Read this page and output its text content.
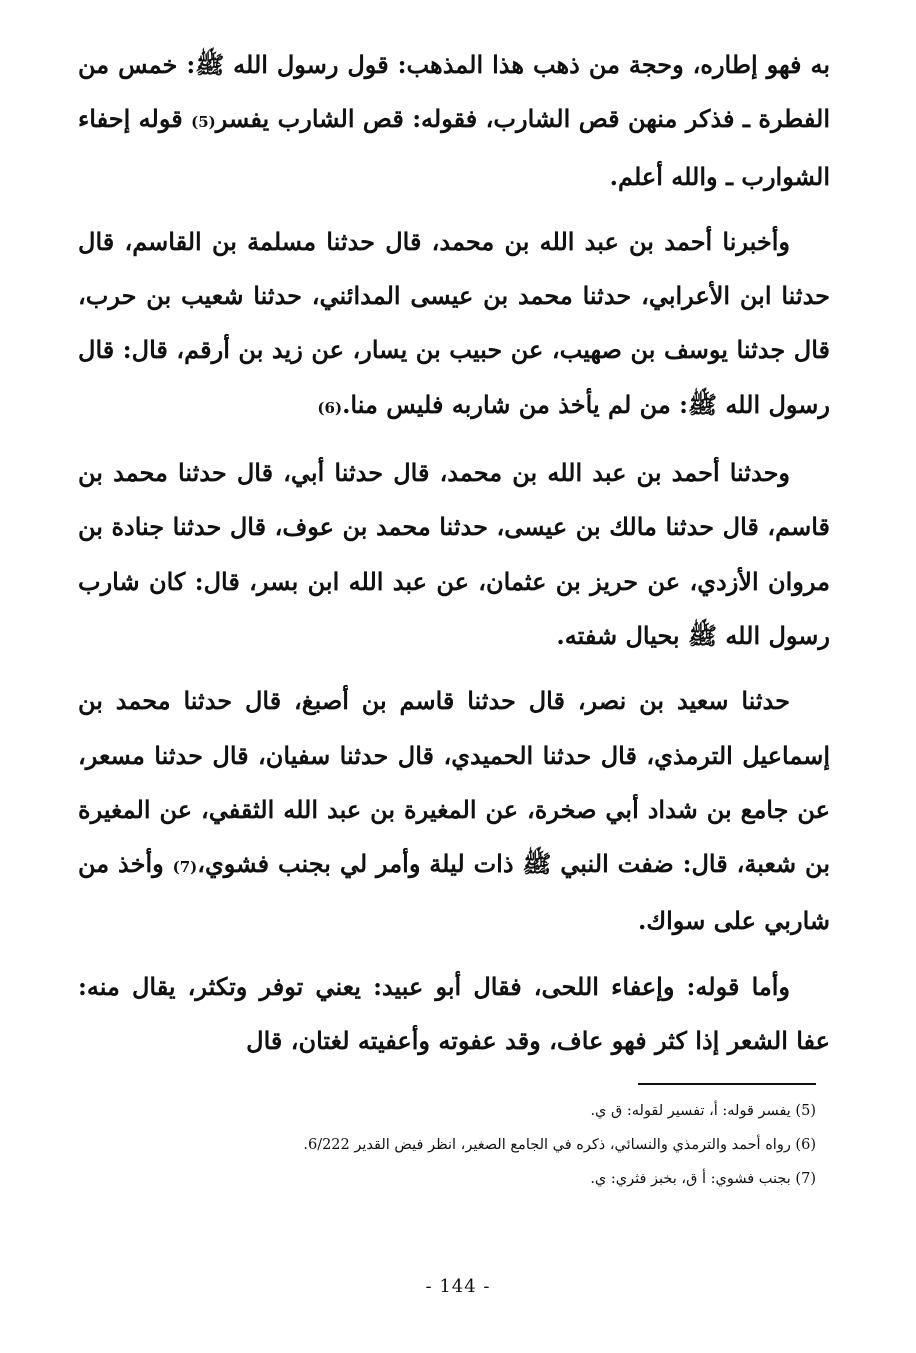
به فهو إطاره، وحجة من ذهب هذا المذهب: قول رسول الله ﷺ: خمس من الفطرة ـ فذكر منهن قص الشارب، فقوله: قص الشارب يفسر(5) قوله إحفاء الشوارب ـ والله أعلم.

وأخبرنا أحمد بن عبد الله بن محمد، قال حدثنا مسلمة بن القاسم، قال حدثنا ابن الأعرابي، حدثنا محمد بن عيسى المدائني، حدثنا شعيب بن حرب، قال جدثنا يوسف بن صهيب، عن حبيب بن يسار، عن زيد بن أرقم، قال: قال رسول الله ﷺ: من لم يأخذ من شاربه فليس منا.(6)

وحدثنا أحمد بن عبد الله بن محمد، قال حدثنا أبي، قال حدثنا محمد بن قاسم، قال حدثنا مالك بن عيسى، حدثنا محمد بن عوف، قال حدثنا جنادة بن مروان الأزدي، عن حريز بن عثمان، عن عبد الله ابن بسر، قال: كان شارب رسول الله ﷺ بحيال شفته.

حدثنا سعيد بن نصر، قال حدثنا قاسم بن أصبغ، قال حدثنا محمد بن إسماعيل الترمذي، قال حدثنا الحميدي، قال حدثنا سفيان، قال حدثنا مسعر، عن جامع بن شداد أبي صخرة، عن المغيرة بن عبد الله الثقفي، عن المغيرة بن شعبة، قال: ضفت النبي ﷺ ذات ليلة وأمر لي بجنب فشوي،(7) وأخذ من شاربي على سواك.

وأما قوله: وإعفاء اللحى، فقال أبو عبيد: يعني توفر وتكثر، يقال منه: عفا الشعر إذا كثر فهو عاف، وقد عفوته وأعفيته لغتان، قال

(5) يفسر قوله: أ، تفسير لقوله: ق ي.
(6) رواه أحمد والترمذي والنسائي، ذكره في الجامع الصغير، انظر فيض القدير 6/222.
(7) بجنب فشوي: أ ق، بخبز فثري: ي.
- 144 -
